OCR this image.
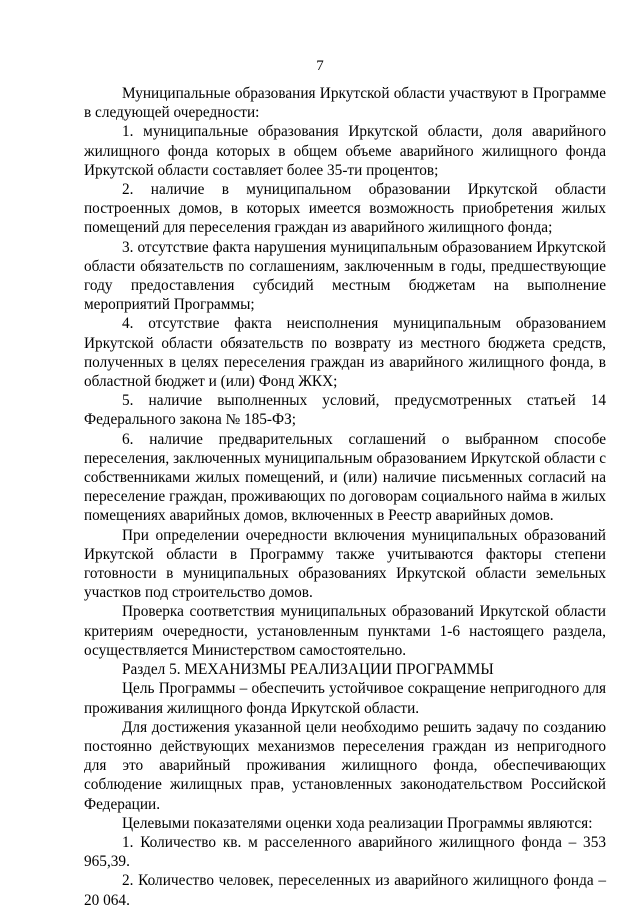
7

Муниципальные образования Иркутской области участвуют в Программе в следующей очередности:

1. муниципальные образования Иркутской области, доля аварийного жилищного фонда которых в общем объеме аварийного жилищного фонда Иркутской области составляет более 35-ти процентов;

2. наличие в муниципальном образовании Иркутской области построенных домов, в которых имеется возможность приобретения жилых помещений для переселения граждан из аварийного жилищного фонда;

3. отсутствие факта нарушения муниципальным образованием Иркутской области обязательств по соглашениям, заключенным в годы, предшествующие году предоставления субсидий местным бюджетам на выполнение мероприятий Программы;

4. отсутствие факта неисполнения муниципальным образованием Иркутской области обязательств по возврату из местного бюджета средств, полученных в целях переселения граждан из аварийного жилищного фонда, в областной бюджет и (или) Фонд ЖКХ;

5. наличие выполненных условий, предусмотренных статьей 14 Федерального закона № 185-ФЗ;

6. наличие предварительных соглашений о выбранном способе переселения, заключенных муниципальным образованием Иркутской области с собственниками жилых помещений, и (или) наличие письменных согласий на переселение граждан, проживающих по договорам социального найма в жилых помещениях аварийных домов, включенных в Реестр аварийных домов.

При определении очередности включения муниципальных образований Иркутской области в Программу также учитываются факторы степени готовности в муниципальных образованиях Иркутской области земельных участков под строительство домов.

Проверка соответствия муниципальных образований Иркутской области критериям очередности, установленным пунктами 1-6 настоящего раздела, осуществляется Министерством самостоятельно.

Раздел 5. МЕХАНИЗМЫ РЕАЛИЗАЦИИ ПРОГРАММЫ

Цель Программы – обеспечить устойчивое сокращение непригодного для проживания жилищного фонда Иркутской области.

Для достижения указанной цели необходимо решить задачу по созданию постоянно действующих механизмов переселения граждан из непригодного для это аварийный проживания жилищного фонда, обеспечивающих соблюдение жилищных прав, установленных законодательством Российской Федерации.

Целевыми показателями оценки хода реализации Программы являются:

1. Количество кв. м расселенного аварийного жилищного фонда – 353 965,39.

2. Количество человек, переселенных из аварийного жилищного фонда – 20 064.
